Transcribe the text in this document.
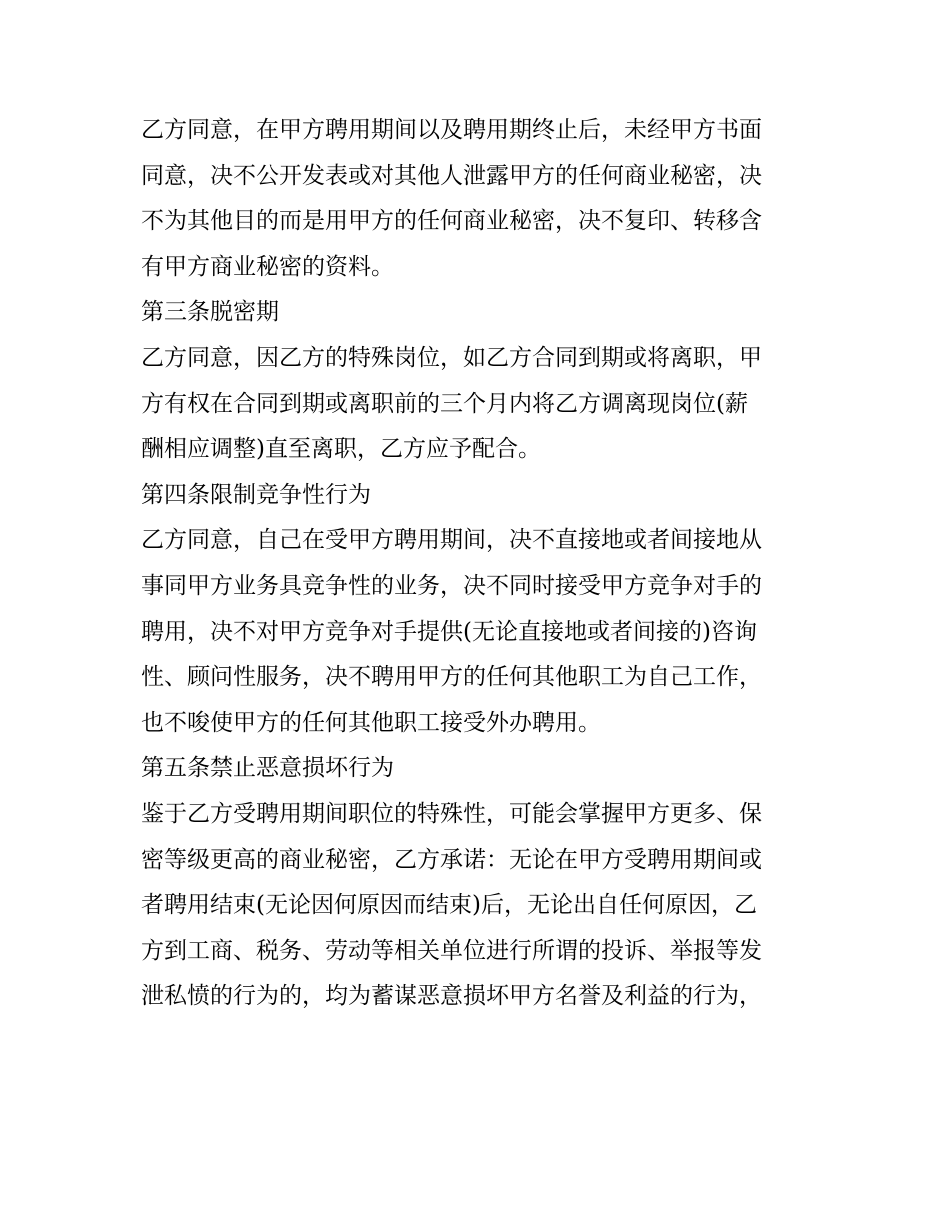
乙方同意，在甲方聘用期间以及聘用期终止后，未经甲方书面
同意，决不公开发表或对其他人泄露甲方的任何商业秘密，决
不为其他目的而是用甲方的任何商业秘密，决不复印、转移含
有甲方商业秘密的资料。
第三条脱密期
乙方同意，因乙方的特殊岗位，如乙方合同到期或将离职，甲
方有权在合同到期或离职前的三个月内将乙方调离现岗位(薪
酬相应调整)直至离职，乙方应予配合。
第四条限制竞争性行为
乙方同意，自己在受甲方聘用期间，决不直接地或者间接地从
事同甲方业务具竞争性的业务，决不同时接受甲方竞争对手的
聘用，决不对甲方竞争对手提供(无论直接地或者间接的)咨询
性、顾问性服务，决不聘用甲方的任何其他职工为自己工作，
也不唆使甲方的任何其他职工接受外办聘用。
第五条禁止恶意损坏行为
鉴于乙方受聘用期间职位的特殊性，可能会掌握甲方更多、保
密等级更高的商业秘密，乙方承诺：无论在甲方受聘用期间或
者聘用结束(无论因何原因而结束)后，无论出自任何原因，乙
方到工商、税务、劳动等相关单位进行所谓的投诉、举报等发
泄私愤的行为的，均为蓄谋恶意损坏甲方名誉及利益的行为，
